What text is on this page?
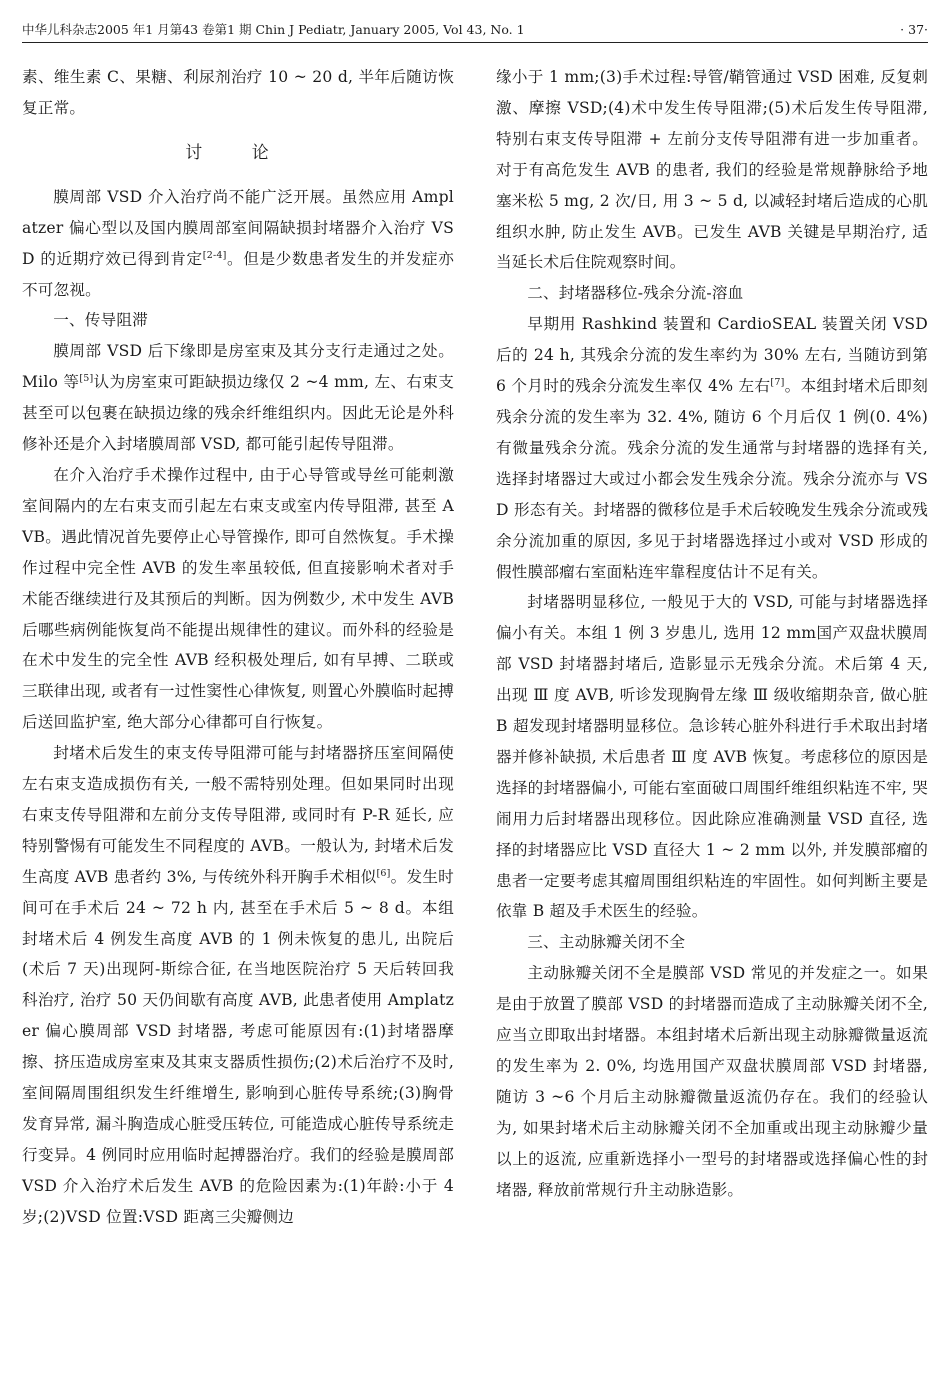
中华儿科杂志2005 年1 月第43 卷第1 期 Chin J Pediatr, January 2005, Vol 43, No. 1	· 37·

素、维生素 C、果糖、利尿剂治疗 10 ~ 20 d, 半年后随访恢复正常。

讨 论

膜周部 VSD 介入治疗尚不能广泛开展。虽然应用 Amplatzer 偏心型以及国内膜周部室间隔缺损封堵器介入治疗 VSD 的近期疗效已得到肯定[2-4]。但是少数患者发生的并发症亦不可忽视。

一、传导阻滞

膜周部 VSD 后下缘即是房室束及其分支行走通过之处。Milo 等[5]认为房室束可距缺损边缘仅 2 ~4 mm, 左、右束支甚至可以包裹在缺损边缘的残余纤维组织内。因此无论是外科修补还是介入封堵膜周部 VSD, 都可能引起传导阻滞。

在介入治疗手术操作过程中, 由于心导管或导丝可能刺激室间隔内的左右束支而引起左右束支或室内传导阻滞, 甚至 AVB。遇此情况首先要停止心导管操作, 即可自然恢复。手术操作过程中完全性 AVB 的发生率虽较低, 但直接影响术者对手术能否继续进行及其预后的判断。因为例数少, 术中发生 AVB 后哪些病例能恢复尚不能提出规律性的建议。而外科的经验是在术中发生的完全性 AVB 经积极处理后, 如有早搏、二联或三联律出现, 或者有一过性窦性心律恢复, 则置心外膜临时起搏后送回监护室, 绝大部分心律都可自行恢复。

封堵术后发生的束支传导阻滞可能与封堵器挤压室间隔使左右束支造成损伤有关, 一般不需特别处理。但如果同时出现右束支传导阻滞和左前分支传导阻滞, 或同时有 P-R 延长, 应特别警惕有可能发生不同程度的 AVB。一般认为, 封堵术后发生高度 AVB 患者约 3%, 与传统外科开胸手术相似[6]。发生时间可在手术后 24 ~ 72 h 内, 甚至在手术后 5 ~ 8 d。本组封堵术后 4 例发生高度 AVB 的 1 例未恢复的患儿, 出院后(术后 7 天)出现阿-斯综合征, 在当地医院治疗 5 天后转回我科治疗, 治疗 50 天仍间歇有高度 AVB, 此患者使用 Amplatzer 偏心膜周部 VSD 封堵器, 考虑可能原因有:(1)封堵器摩擦、挤压造成房室束及其束支器质性损伤;(2)术后治疗不及时, 室间隔周围组织发生纤维增生, 影响到心脏传导系统;(3)胸骨发育异常, 漏斗胸造成心脏受压转位, 可能造成心脏传导系统走行变异。4 例同时应用临时起搏器治疗。我们的经验是膜周部 VSD 介入治疗术后发生 AVB 的危险因素为:(1)年龄:小于 4 岁;(2)VSD 位置:VSD 距离三尖瓣侧边

缘小于 1 mm;(3)手术过程:导管/鞘管通过 VSD 困难, 反复刺激、摩擦 VSD;(4)术中发生传导阻滞;(5)术后发生传导阻滞, 特别右束支传导阻滞 + 左前分支传导阻滞有进一步加重者。对于有高危发生 AVB 的患者, 我们的经验是常规静脉给予地塞米松 5 mg, 2 次/日, 用 3 ~ 5 d, 以减轻封堵后造成的心肌组织水肿, 防止发生 AVB。已发生 AVB 关键是早期治疗, 适当延长术后住院观察时间。

二、封堵器移位-残余分流-溶血

早期用 Rashkind 装置和 CardioSEAL 装置关闭 VSD 后的 24 h, 其残余分流的发生率约为 30% 左右, 当随访到第 6 个月时的残余分流发生率仅 4% 左右[7]。本组封堵术后即刻残余分流的发生率为 32. 4%, 随访 6 个月后仅 1 例(0. 4%)有微量残余分流。残余分流的发生通常与封堵器的选择有关, 选择封堵器过大或过小都会发生残余分流。残余分流亦与 VSD 形态有关。封堵器的微移位是手术后较晚发生残余分流或残余分流加重的原因, 多见于封堵器选择过小或对 VSD 形成的假性膜部瘤右室面粘连牢靠程度估计不足有关。

封堵器明显移位, 一般见于大的 VSD, 可能与封堵器选择偏小有关。本组 1 例 3 岁患儿, 选用 12 mm国产双盘状膜周部 VSD 封堵器封堵后, 造影显示无残余分流。术后第 4 天, 出现 Ⅲ 度 AVB, 听诊发现胸骨左缘 Ⅲ 级收缩期杂音, 做心脏 B 超发现封堵器明显移位。急诊转心脏外科进行手术取出封堵器并修补缺损, 术后患者 Ⅲ 度 AVB 恢复。考虑移位的原因是选择的封堵器偏小, 可能右室面破口周围纤维组织粘连不牢, 哭闹用力后封堵器出现移位。因此除应准确测量 VSD 直径, 选择的封堵器应比 VSD 直径大 1 ~ 2 mm 以外, 并发膜部瘤的患者一定要考虑其瘤周围组织粘连的牢固性。如何判断主要是依靠 B 超及手术医生的经验。

三、主动脉瓣关闭不全

主动脉瓣关闭不全是膜部 VSD 常见的并发症之一。如果是由于放置了膜部 VSD 的封堵器而造成了主动脉瓣关闭不全, 应当立即取出封堵器。本组封堵术后新出现主动脉瓣微量返流的发生率为 2. 0%, 均选用国产双盘状膜周部 VSD 封堵器, 随访 3 ~6 个月后主动脉瓣微量返流仍存在。我们的经验认为, 如果封堵术后主动脉瓣关闭不全加重或出现主动脉瓣少量以上的返流, 应重新选择小一型号的封堵器或选择偏心性的封堵器, 释放前常规行升主动脉造影。
